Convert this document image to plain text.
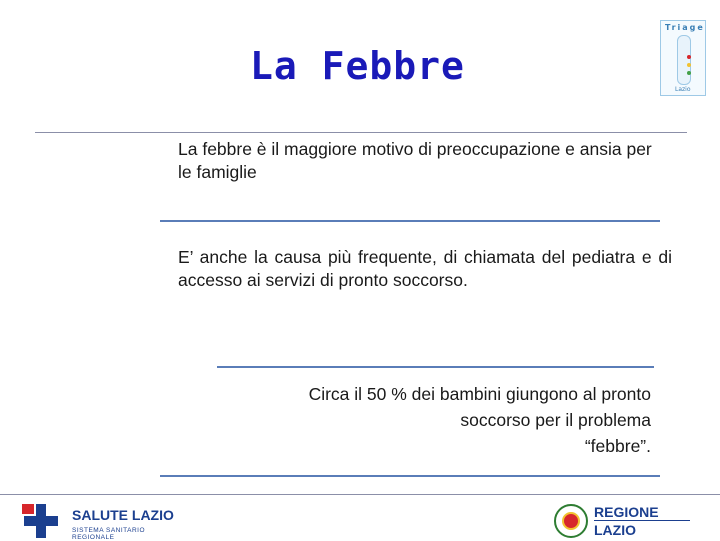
La Febbre
Triage
Lazio
La febbre è il maggiore motivo di preoccupazione e ansia per le famiglie
E’ anche la causa più frequente, di chiamata del pediatra e di accesso ai servizi di pronto soccorso.
Circa il 50 % dei bambini giungono al pronto
soccorso per il problema
“febbre”.
SALUTE LAZIO
SISTEMA SANITARIO REGIONALE
REGIONE
LAZIO
